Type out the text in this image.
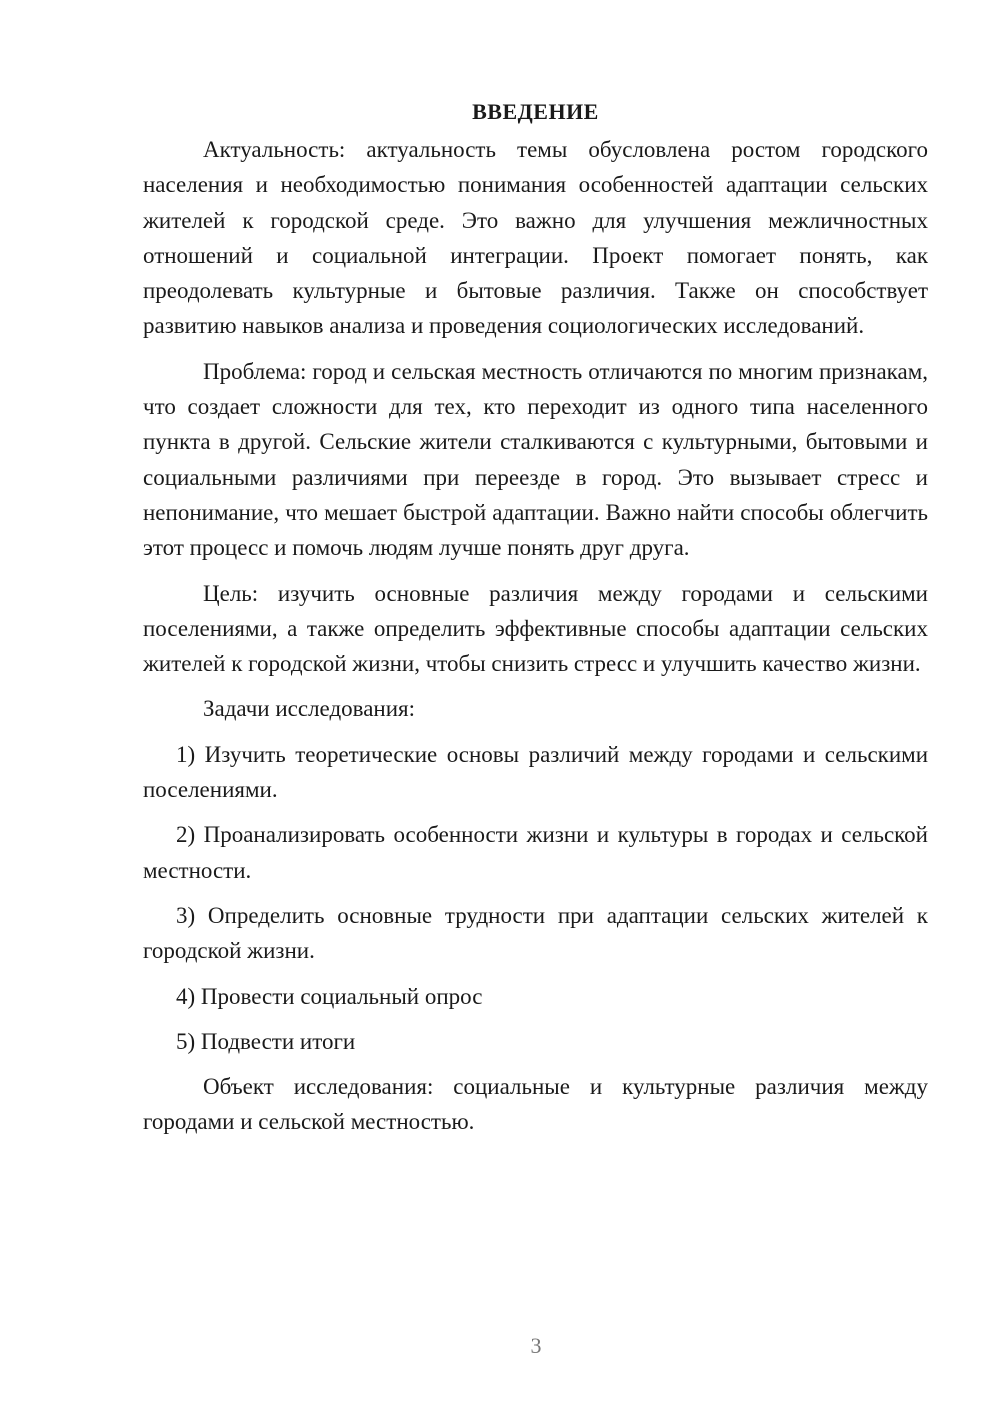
ВВЕДЕНИЕ

Актуальность: актуальность темы обусловлена ростом городского населения и необходимостью понимания особенностей адаптации сельских жителей к городской среде. Это важно для улучшения межличностных отношений и социальной интеграции. Проект помогает понять, как преодолевать культурные и бытовые различия. Также он способствует развитию навыков анализа и проведения социологических исследований.

Проблема: город и сельская местность отличаются по многим признакам, что создает сложности для тех, кто переходит из одного типа населенного пункта в другой. Сельские жители сталкиваются с культурными, бытовыми и социальными различиями при переезде в город. Это вызывает стресс и непонимание, что мешает быстрой адаптации. Важно найти способы облегчить этот процесс и помочь людям лучше понять друг друга.

Цель: изучить основные различия между городами и сельскими поселениями, а также определить эффективные способы адаптации сельских жителей к городской жизни, чтобы снизить стресс и улучшить качество жизни.

Задачи исследования:

1) Изучить теоретические основы различий между городами и сельскими поселениями.

2) Проанализировать особенности жизни и культуры в городах и сельской местности.

3) Определить основные трудности при адаптации сельских жителей к городской жизни.

4) Провести социальный опрос

5) Подвести итоги

Объект исследования: социальные и культурные различия между городами и сельской местностью.

3
